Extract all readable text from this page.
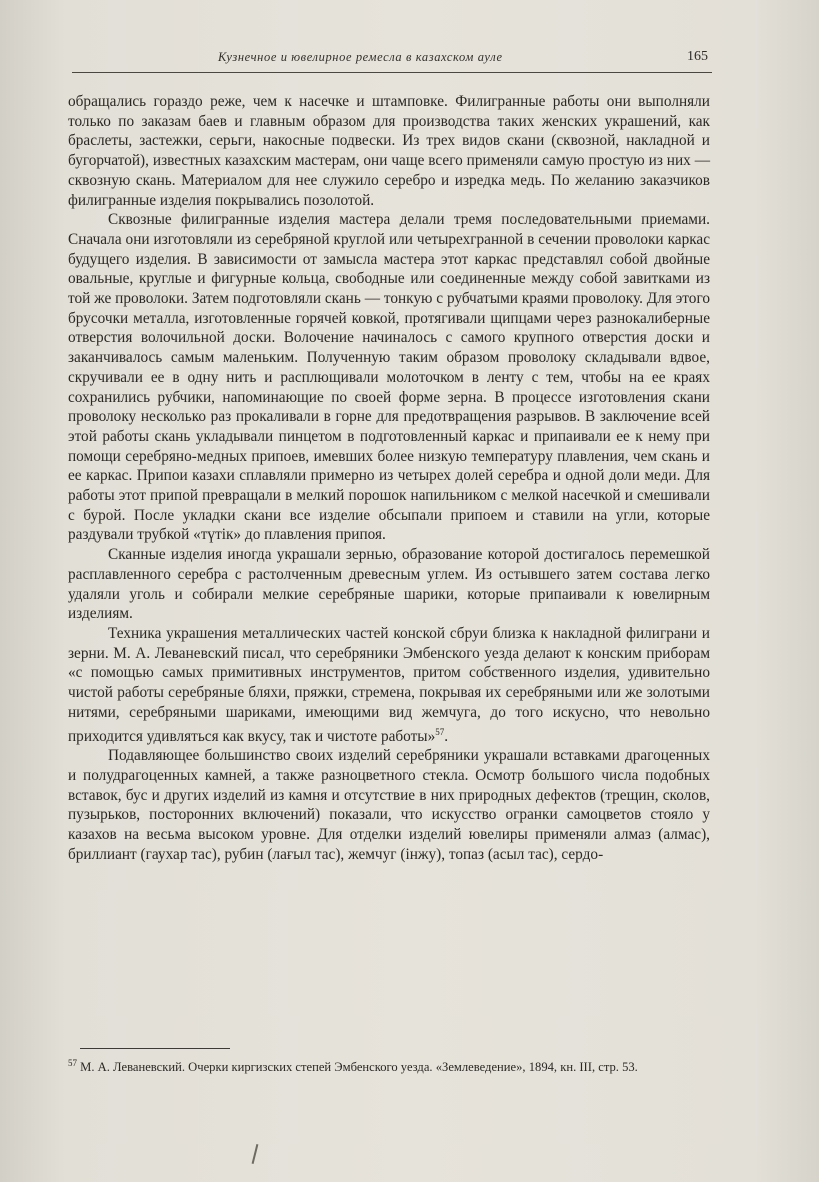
Кузнечное и ювелирное ремесла в казахском ауле	165

обращались гораздо реже, чем к насечке и штамповке. Филигранные работы они выполняли только по заказам баев и главным образом для производства таких женских украшений, как браслеты, застежки, серьги, накосные подвески. Из трех видов скани (сквозной, накладной и бугорчатой), известных казахским мастерам, они чаще всего применяли самую простую из них — сквозную скань. Материалом для нее служило серебро и изредка медь. По желанию заказчиков филигранные изделия покрывались позолотой.

Сквозные филигранные изделия мастера делали тремя последовательными приемами. Сначала они изготовляли из серебряной круглой или четырехгранной в сечении проволоки каркас будущего изделия. В зависимости от замысла мастера этот каркас представлял собой двойные овальные, круглые и фигурные кольца, свободные или соединенные между собой завитками из той же проволоки. Затем подготовляли скань — тонкую с рубчатыми краями проволоку. Для этого брусочки металла, изготовленные горячей ковкой, протягивали щипцами через разнокалиберные отверстия волочильной доски. Волочение начиналось с самого крупного отверстия доски и заканчивалось самым маленьким. Полученную таким образом проволоку складывали вдвое, скручивали ее в одну нить и расплющивали молоточком в ленту с тем, чтобы на ее краях сохранились рубчики, напоминающие по своей форме зерна. В процессе изготовления скани проволоку несколько раз прокаливали в горне для предотвращения разрывов. В заключение всей этой работы скань укладывали пинцетом в подготовленный каркас и припаивали ее к нему при помощи серебряно-медных припоев, имевших более низкую температуру плавления, чем скань и ее каркас. Припои казахи сплавляли примерно из четырех долей серебра и одной доли меди. Для работы этот припой превращали в мелкий порошок напильником с мелкой насечкой и смешивали с бурой. После укладки скани все изделие обсыпали припоем и ставили на угли, которые раздували трубкой «түтік» до плавления припоя.

Сканные изделия иногда украшали зернью, образование которой достигалось перемешкой расплавленного серебра с растолченным древесным углем. Из остывшего затем состава легко удаляли уголь и собирали мелкие серебряные шарики, которые припаивали к ювелирным изделиям.

Техника украшения металлических частей конской сбруи близка к накладной филиграни и зерни. М. А. Леваневский писал, что серебряники Эмбенского уезда делают к конским приборам «с помощью самых примитивных инструментов, притом собственного изделия, удивительно чистой работы серебряные бляхи, пряжки, стремена, покрывая их серебряными или же золотыми нитями, серебряными шариками, имеющими вид жемчуга, до того искусно, что невольно приходится удивляться как вкусу, так и чистоте работы»$^{57}$.

Подавляющее большинство своих изделий серебряники украшали вставками драгоценных и полудрагоценных камней, а также разноцветного стекла. Осмотр большого числа подобных вставок, бус и других изделий из камня и отсутствие в них природных дефектов (трещин, сколов, пузырьков, посторонних включений) показали, что искусство огранки самоцветов стояло у казахов на весьма высоком уровне. Для отделки изделий ювелиры применяли алмаз (алмас), бриллиант (гаухар тас), рубин (лағыл тас), жемчуг (інжу), топаз (асыл тас), сердо-

$^{57}$ М. А. Леваневский. Очерки киргизских степей Эмбенского уезда. «Землеведение», 1894, кн. III, стр. 53.
